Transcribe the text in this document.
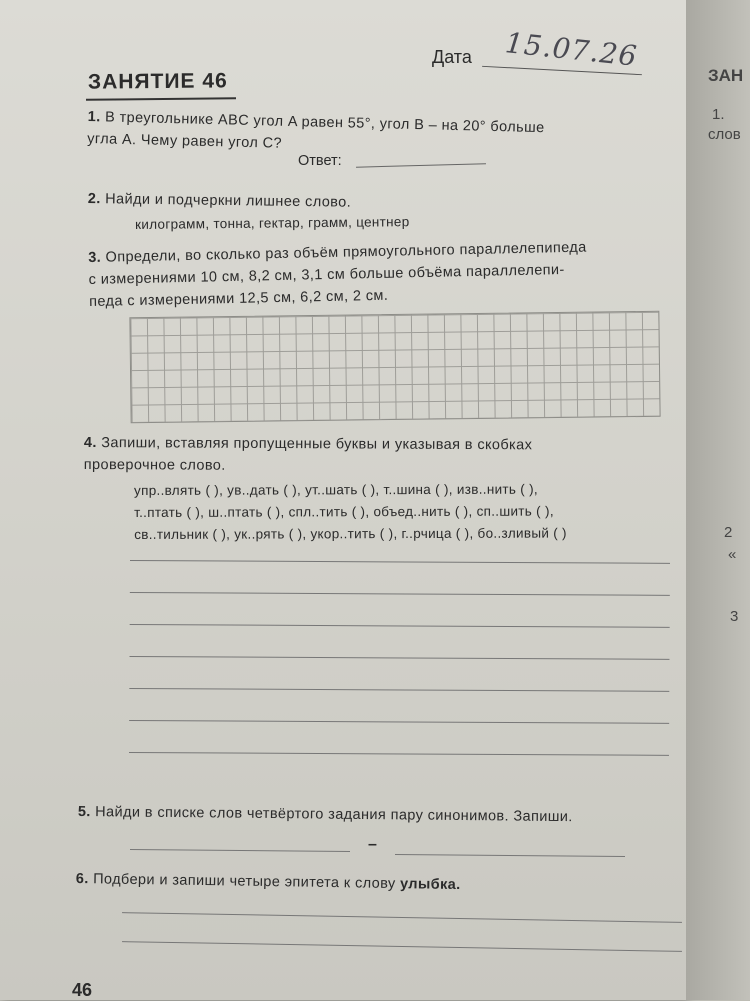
ЗАНЯТИЕ 46
Дата 15.07.26
1. В треугольнике ABC угол A равен 55°, угол B – на 20° больше
угла A. Чему равен угол C?
Ответ:
2. Найди и подчеркни лишнее слово.
килограмм, тонна, гектар, грамм, центнер
3. Определи, во сколько раз объём прямоугольного параллелепипеда
с измерениями 10 см, 8,2 см, 3,1 см больше объёма параллелепи-
педа с измерениями 12,5 см, 6,2 см, 2 см.
4. Запиши, вставляя пропущенные буквы и указывая в скобках
проверочное слово.
упр..влять ( ), ув..дать ( ), ут..шать ( ), т..шина ( ), изв..нить ( ),
т..птать ( ), ш..птать ( ), спл..тить ( ), объед..нить ( ), сп..шить ( ),
св..тильник ( ), ук..рять ( ), укор..тить ( ), г..рчица ( ), бо..зливый ( )
5. Найди в списке слов четвёртого задания пару синонимов. Запиши.
–
6. Подбери и запиши четыре эпитета к слову улыбка.
46
ЗАН
1.
слов
2
«
3
